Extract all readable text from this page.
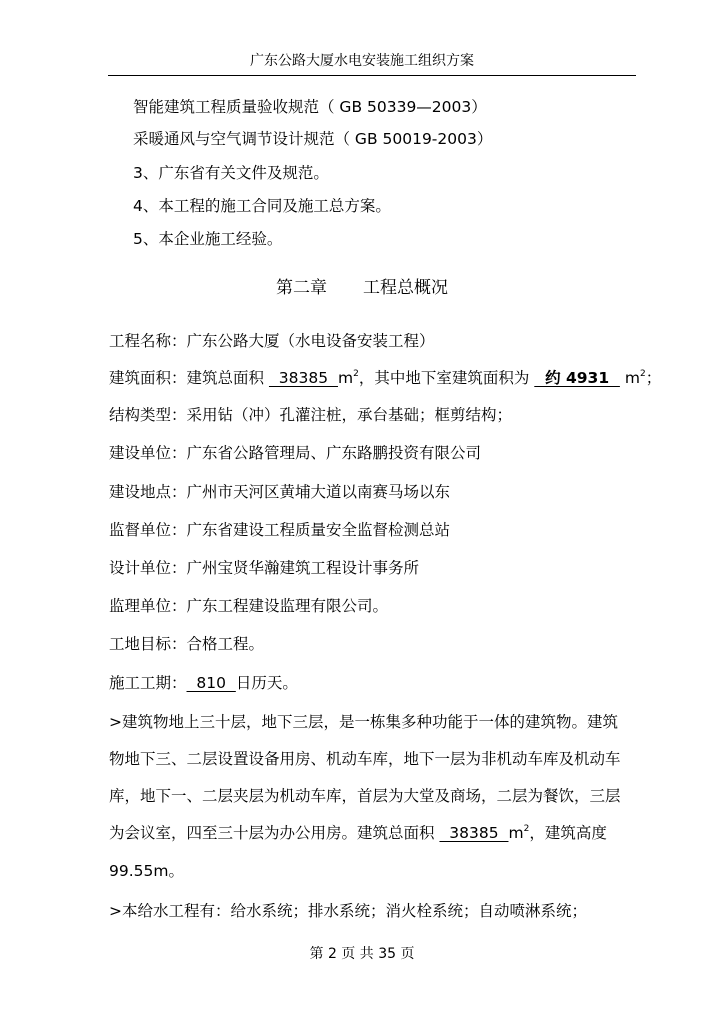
广东公路大厦水电安装施工组织方案
智能建筑工程质量验收规范（ GB 50339—2003）
采暖通风与空气调节设计规范（ GB 50019-2003）
3、广东省有关文件及规范。
4、本工程的施工合同及施工总方案。
5、本企业施工经验。
第二章 工程总概况
工程名称：广东公路大厦（水电设备安装工程）
建筑面积：建筑总面积   38385  $m^2$，其中地下室建筑面积为   约 4931   $m^2$；
结构类型：采用钻（冲）孔灌注桩，承台基础；框剪结构；
建设单位：广东省公路管理局、广东路鹏投资有限公司
建设地点：广州市天河区黄埔大道以南赛马场以东
监督单位：广东省建设工程质量安全监督检测总站
设计单位：广州宝贤华瀚建筑工程设计事务所
监理单位：广东工程建设监理有限公司。
工地目标：合格工程。
施工工期：  810  日历天。
>建筑物地上三十层，地下三层，是一栋集多种功能于一体的建筑物。建筑
物地下三、二层设置设备用房、机动车库，地下一层为非机动车库及机动车
库，地下一、二层夹层为机动车库，首层为大堂及商场，二层为餐饮，三层
为会议室，四至三十层为办公用房。建筑总面积   38385  $m^2$，建筑高度
99.55m。
>本给水工程有：给水系统；排水系统；消火栓系统；自动喷淋系统；
第 2 页 共 35 页
